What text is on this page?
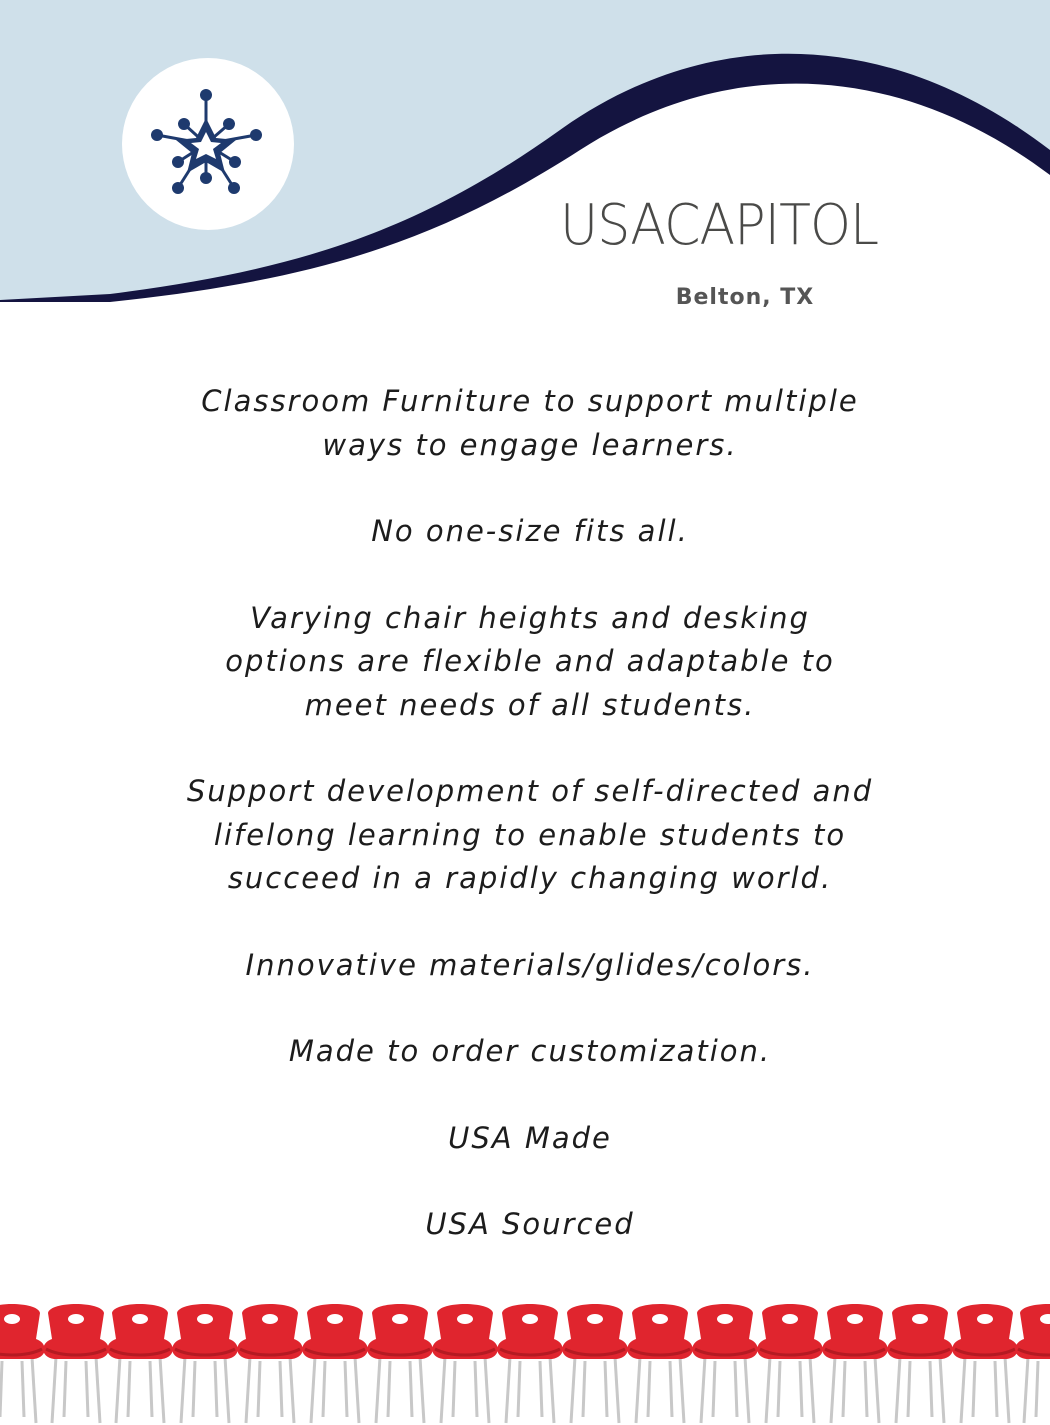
USACAPITOL
Belton, TX

Classroom Furniture to support multiple ways to engage learners.

No one-size fits all.

Varying chair heights and desking options are flexible and adaptable to meet needs of all students.

Support development of self-directed and lifelong learning to enable students to succeed in a rapidly changing world.

Innovative materials/glides/colors.

Made to order customization.

USA Made

USA Sourced
